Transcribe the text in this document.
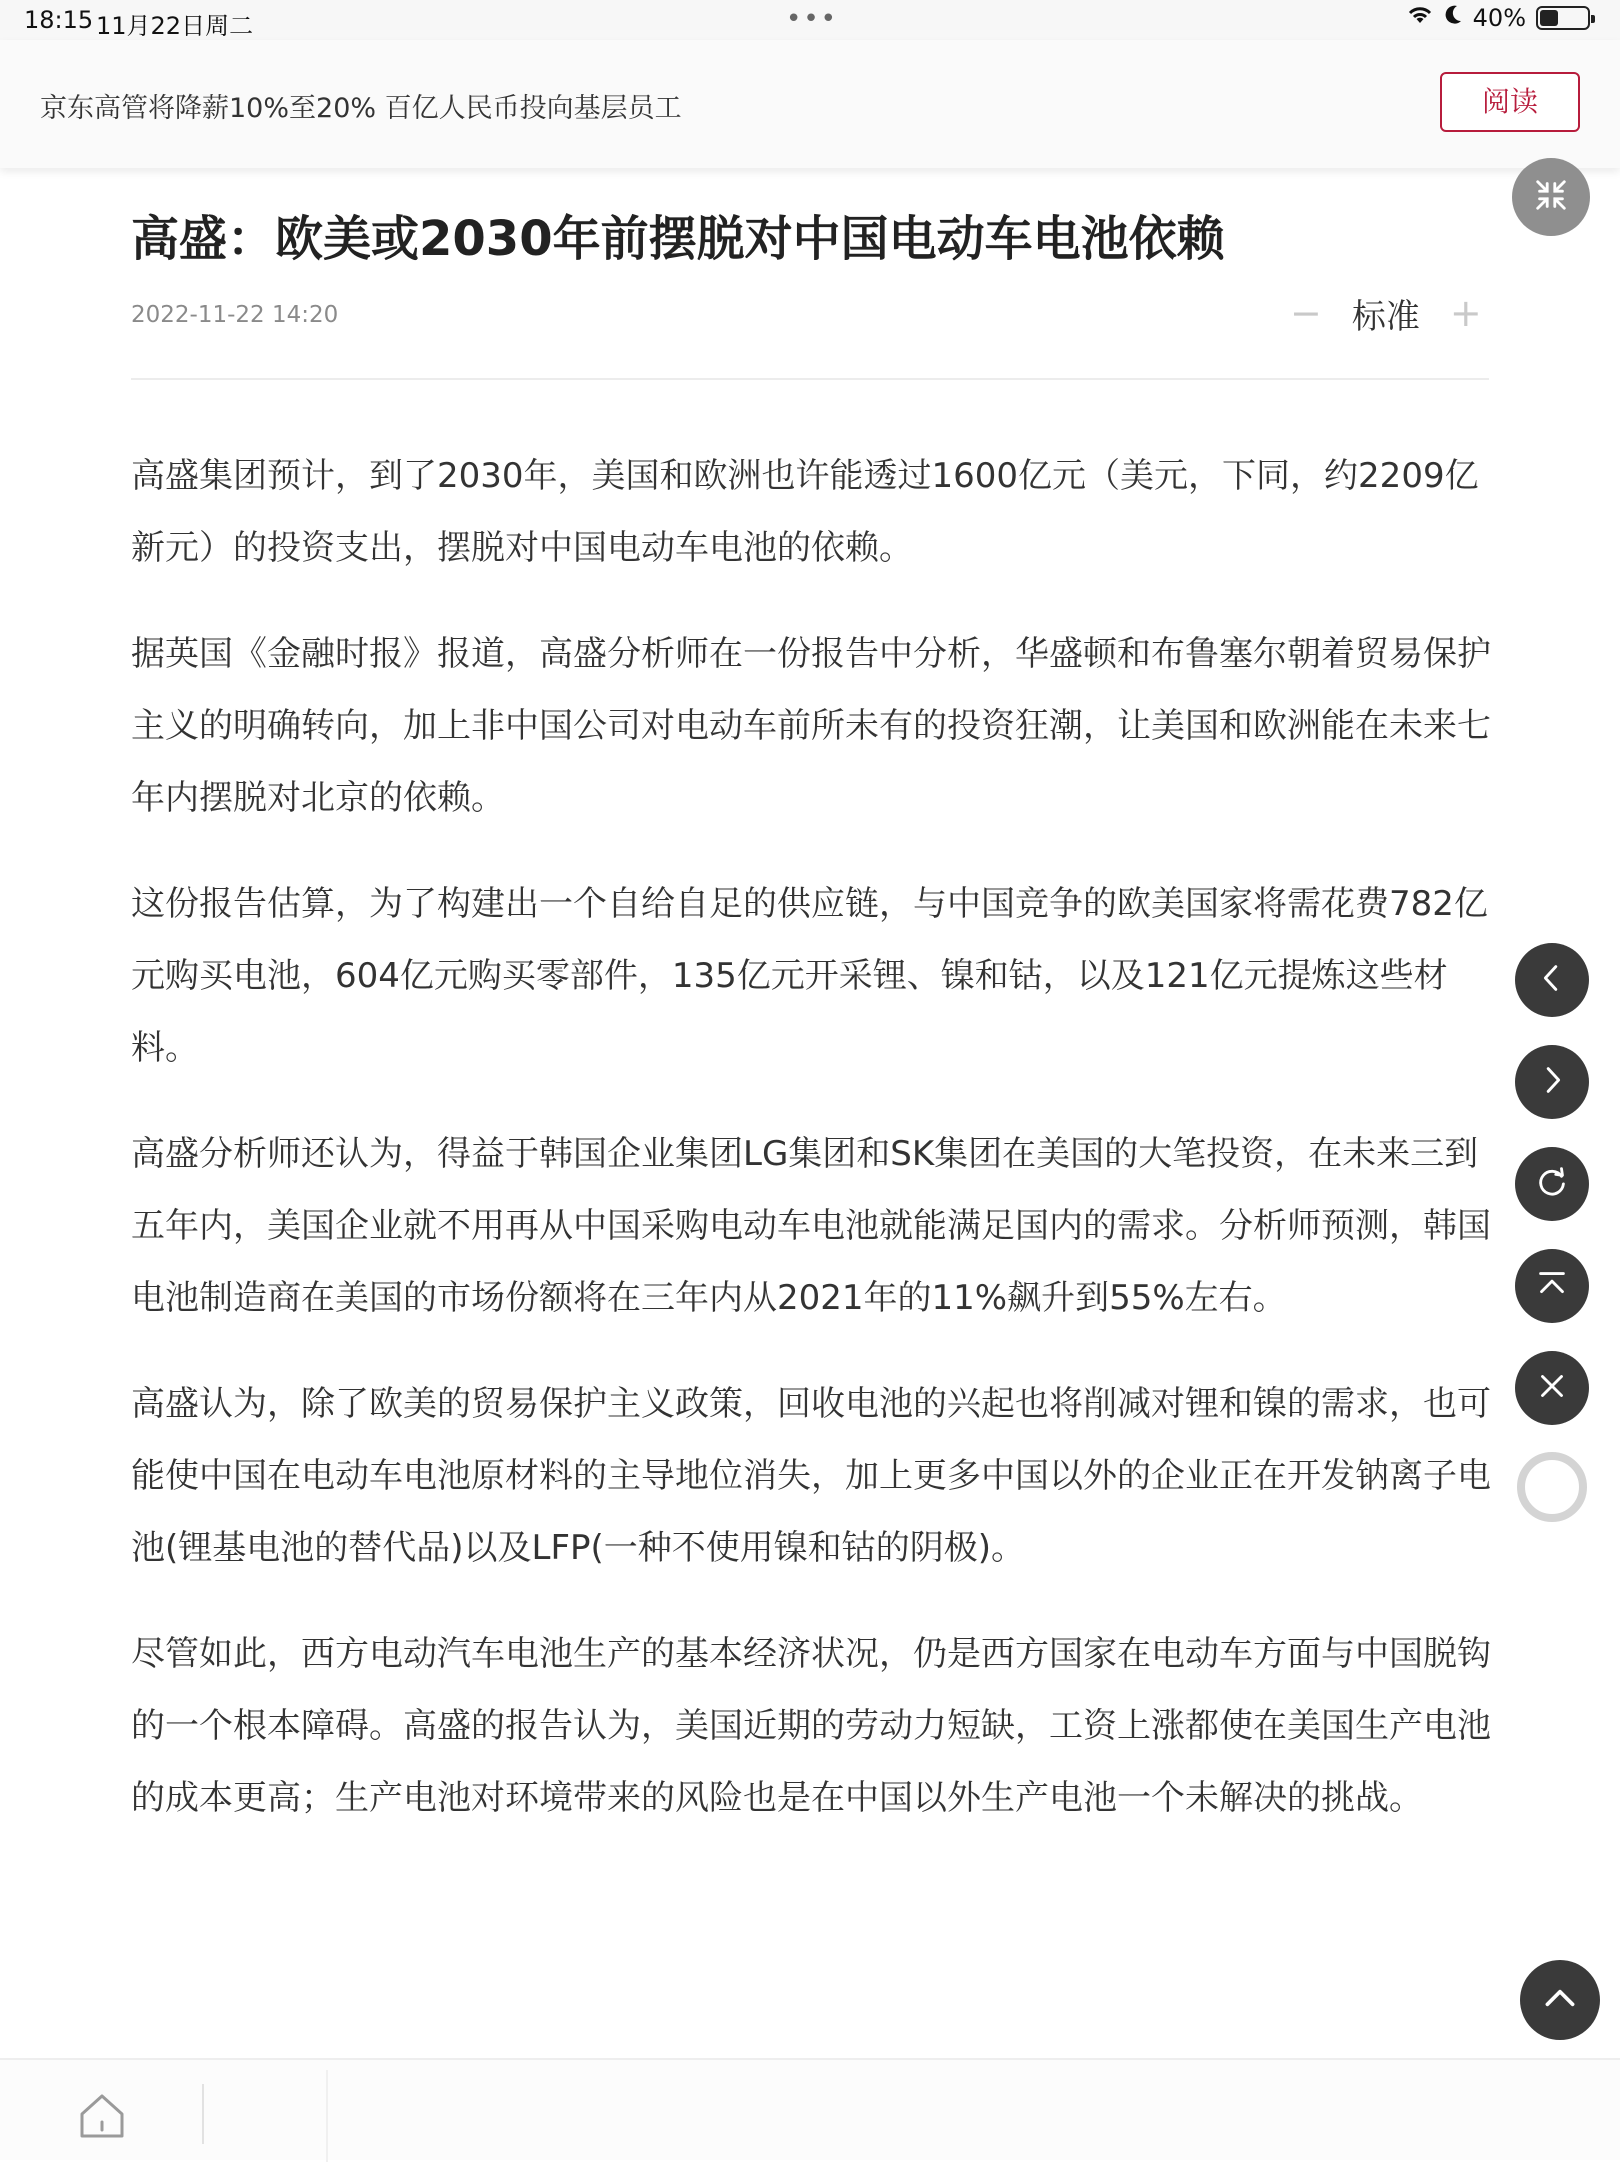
18:15 11月22日周二	•••	40%
京东高管将降薪10%至20% 百亿人民币投向基层员工	阅读
高盛：欧美或2030年前摆脱对中国电动车电池依赖
2022-11-22 14:20	− 标准 +

高盛集团预计，到了2030年，美国和欧洲也许能透过1600亿元（美元，下同，约2209亿新元）的投资支出，摆脱对中国电动车电池的依赖。

据英国《金融时报》报道，高盛分析师在一份报告中分析，华盛顿和布鲁塞尔朝着贸易保护主义的明确转向，加上非中国公司对电动车前所未有的投资狂潮，让美国和欧洲能在未来七年内摆脱对北京的依赖。

这份报告估算，为了构建出一个自给自足的供应链，与中国竞争的欧美国家将需花费782亿元购买电池，604亿元购买零部件，135亿元开采锂、镍和钴，以及121亿元提炼这些材料。

高盛分析师还认为，得益于韩国企业集团LG集团和SK集团在美国的大笔投资，在未来三到五年内，美国企业就不用再从中国采购电动车电池就能满足国内的需求。分析师预测，韩国电池制造商在美国的市场份额将在三年内从2021年的11%飙升到55%左右。

高盛认为，除了欧美的贸易保护主义政策，回收电池的兴起也将削减对锂和镍的需求，也可能使中国在电动车电池原材料的主导地位消失，加上更多中国以外的企业正在开发钠离子电池(锂基电池的替代品)以及LFP(一种不使用镍和钴的阴极)。

尽管如此，西方电动汽车电池生产的基本经济状况，仍是西方国家在电动车方面与中国脱钩的一个根本障碍。高盛的报告认为，美国近期的劳动力短缺，工资上涨都使在美国生产电池的成本更高；生产电池对环境带来的风险也是在中国以外生产电池一个未解决的挑战。
